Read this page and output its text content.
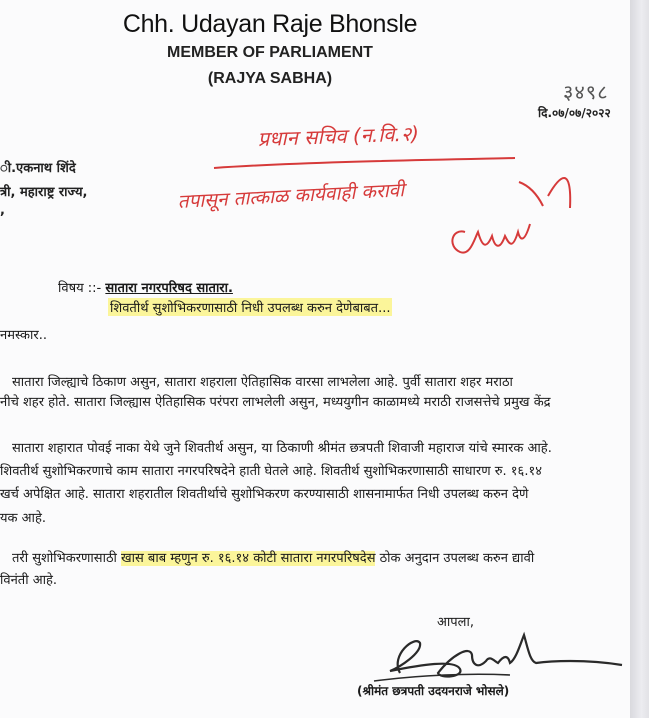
Chh. Udayan Raje Bhonsle
MEMBER OF PARLIAMENT
(RAJYA SABHA)
३४९८
दि.०७/०७/२०२२
ी.एकनाथ शिंदे
त्री, महाराष्ट्र राज्य,
,
प्रधान सचिव (न.वि.२)
तपासून तात्काळ कार्यवाही करावी
विषय ::- सातारा नगरपरिषद सातारा.
शिवतीर्थ सुशोभिकरणासाठी निधी उपलब्ध करुन देणेबाबत...
नमस्कार..
सातारा जिल्ह्याचे ठिकाण असुन, सातारा शहराला ऐतिहासिक वारसा लाभलेला आहे. पुर्वी सातारा शहर मराठा
नीचे शहर होते. सातारा जिल्ह्यास ऐतिहासिक परंपरा लाभलेली असुन, मध्ययुगीन काळामध्ये मराठी राजसत्तेचे प्रमुख केंद्र
सातारा शहारात पोवई नाका येथे जुने शिवतीर्थ असुन, या ठिकाणी श्रीमंत छत्रपती शिवाजी महाराज यांचे स्मारक आहे.
शिवतीर्थ सुशोभिकरणाचे काम सातारा नगरपरिषदेने हाती घेतले आहे. शिवतीर्थ सुशोभिकरणासाठी साधारण रु. १६.१४
खर्च अपेक्षित आहे. सातारा शहरातील शिवतीर्थाचे सुशोभिकरण करण्यासाठी शासनामार्फत निधी उपलब्ध करुन देणे
यक आहे.
तरी सुशोभिकरणासाठी खास बाब म्हणुन रु. १६.१४ कोटी सातारा नगरपरिषदेस ठोक अनुदान उपलब्ध करुन द्यावी
विनंती आहे.
आपला,
(श्रीमंत छत्रपती उदयनराजे भोसले)
